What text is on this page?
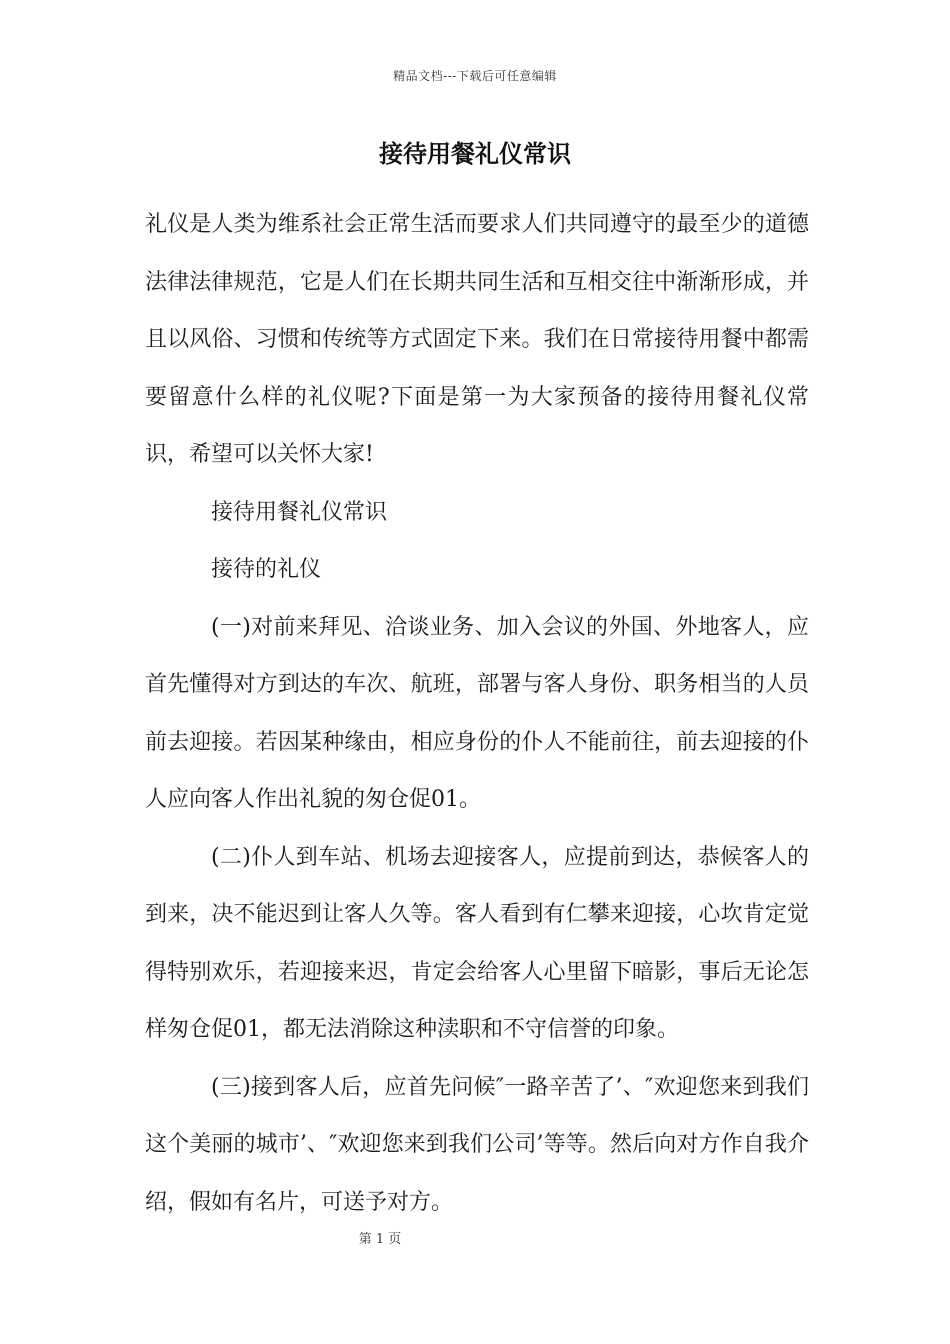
精品文档---下载后可任意编辑
接待用餐礼仪常识

礼仪是人类为维系社会正常生活而要求人们共同遵守的最至少的道德法律法律规范，它是人们在长期共同生活和互相交往中渐渐形成，并且以风俗、习惯和传统等方式固定下来。我们在日常接待用餐中都需要留意什么样的礼仪呢?下面是第一为大家预备的接待用餐礼仪常识，希望可以关怀大家!

接待用餐礼仪常识

接待的礼仪

(一)对前来拜见、洽谈业务、加入会议的外国、外地客人，应首先懂得对方到达的车次、航班，部署与客人身份、职务相当的人员前去迎接。若因某种缘由，相应身份的仆人不能前往，前去迎接的仆人应向客人作出礼貌的匆仓促01。

(二)仆人到车站、机场去迎接客人，应提前到达，恭候客人的到来，决不能迟到让客人久等。客人看到有仁攀来迎接，心坎肯定觉得特别欢乐，若迎接来迟，肯定会给客人心里留下暗影，事后无论怎样匆仓促01，都无法消除这种渎职和不守信誉的印象。

(三)接到客人后，应首先问候″一路辛苦了’、″欢迎您来到我们这个美丽的城市’、″欢迎您来到我们公司’等等。然后向对方作自我介绍，假如有名片，可送予对方。

第 1 页
